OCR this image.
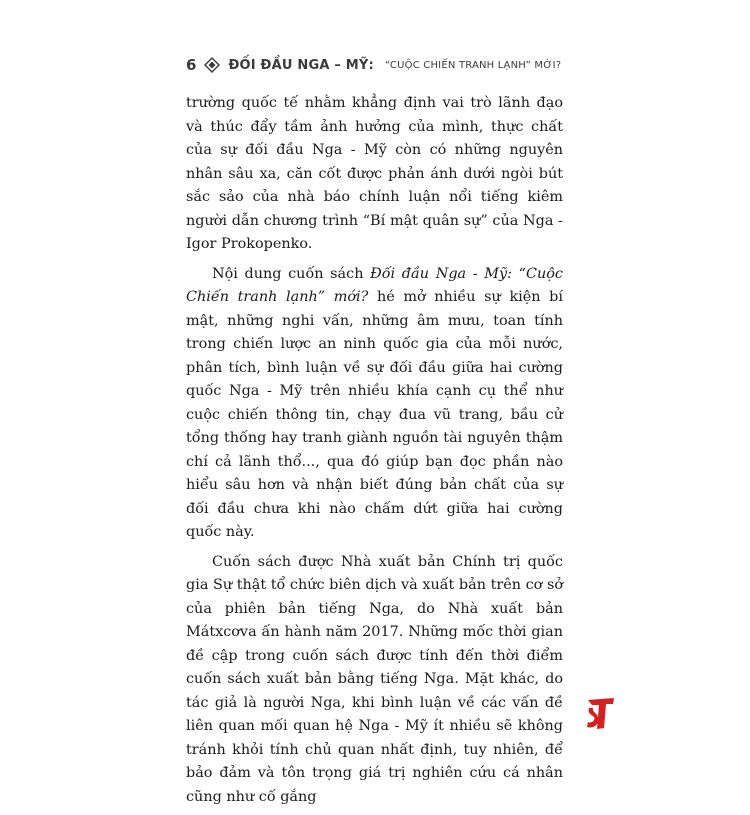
6 ĐỐI ĐẦU NGA – MỸ: “CUỘC CHIẾN TRANH LẠNH” MỚI?

trường quốc tế nhằm khẳng định vai trò lãnh đạo và thúc đẩy tầm ảnh hưởng của mình, thực chất của sự đối đầu Nga - Mỹ còn có những nguyên nhân sâu xa, căn cốt được phản ánh dưới ngòi bút sắc sảo của nhà báo chính luận nổi tiếng kiêm người dẫn chương trình “Bí mật quân sự” của Nga - Igor Prokopenko.

Nội dung cuốn sách Đối đầu Nga - Mỹ: “Cuộc Chiến tranh lạnh” mới? hé mở nhiều sự kiện bí mật, những nghi vấn, những âm mưu, toan tính trong chiến lược an ninh quốc gia của mỗi nước, phân tích, bình luận về sự đối đầu giữa hai cường quốc Nga - Mỹ trên nhiều khía cạnh cụ thể như cuộc chiến thông tin, chạy đua vũ trang, bầu cử tổng thống hay tranh giành nguồn tài nguyên thậm chí cả lãnh thổ..., qua đó giúp bạn đọc phần nào hiểu sâu hơn và nhận biết đúng bản chất của sự đối đầu chưa khi nào chấm dứt giữa hai cường quốc này.

Cuốn sách được Nhà xuất bản Chính trị quốc gia Sự thật tổ chức biên dịch và xuất bản trên cơ sở của phiên bản tiếng Nga, do Nhà xuất bản Mátxcơva ấn hành năm 2017. Những mốc thời gian đề cập trong cuốn sách được tính đến thời điểm cuốn sách xuất bản bằng tiếng Nga. Mặt khác, do tác giả là người Nga, khi bình luận về các vấn đề liên quan mối quan hệ Nga - Mỹ ít nhiều sẽ không tránh khỏi tính chủ quan nhất định, tuy nhiên, để bảo đảm và tôn trọng giá trị nghiên cứu cá nhân cũng như cố gắng
